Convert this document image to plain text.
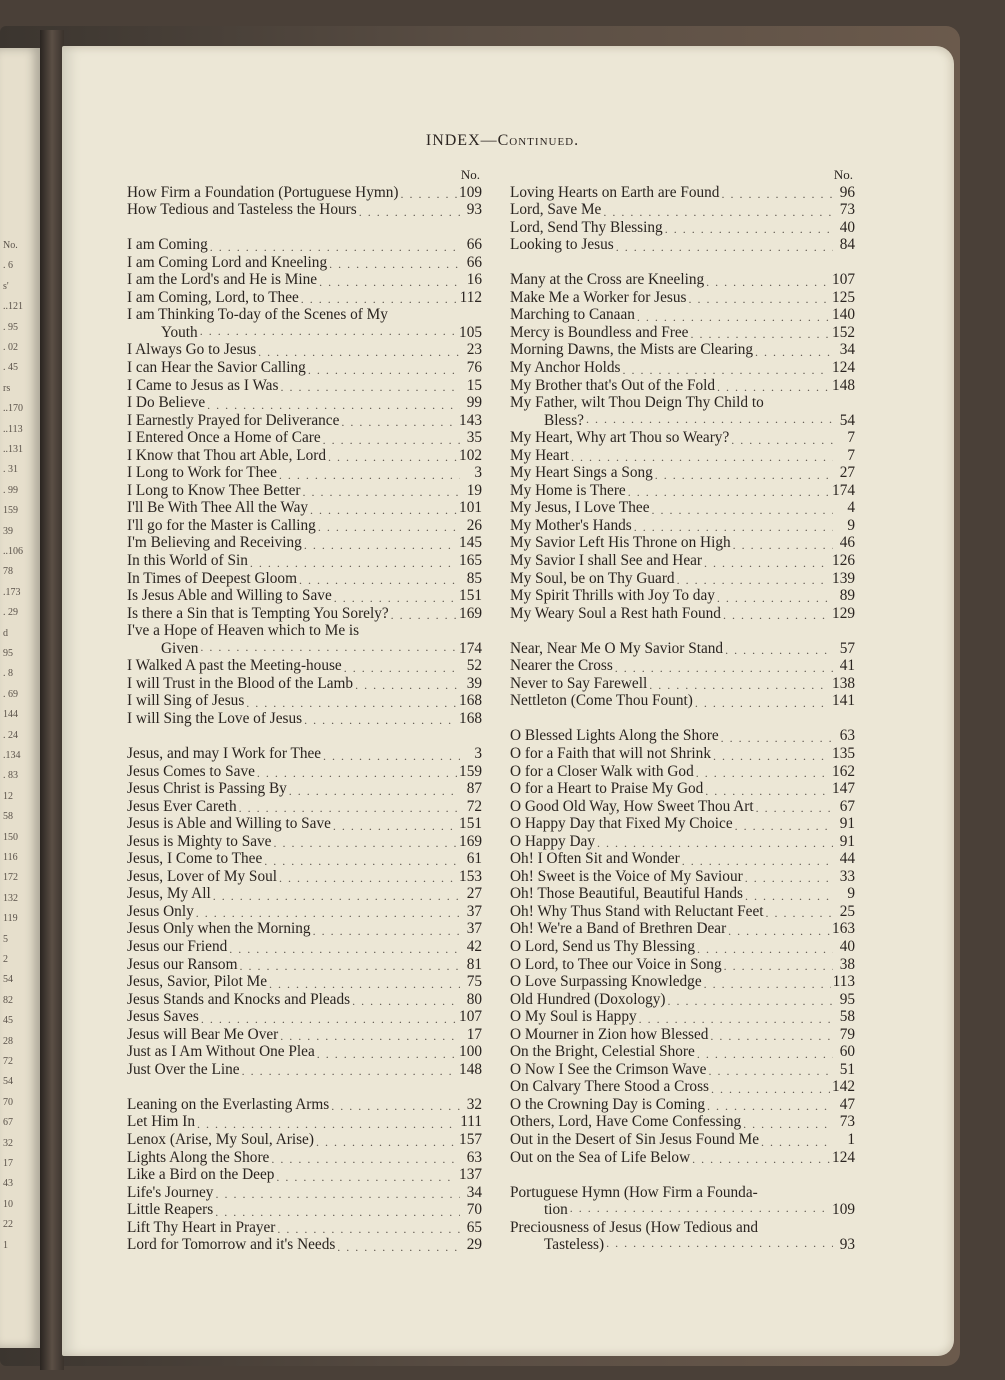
No.
. 6
s'
..121
. 95
. 02
. 45
rs
..170
..113
..131
. 31
. 99
159
39
..106
78
.173
. 29
d
95
. 8
. 69
144
. 24
.134
. 83
12
58
150
116
172
132
119
5
2
54
82
45
28
72
54
70
67
32
17
43
10
22
1
INDEX—Continued.
No.
How Firm a Foundation (Portuguese Hymn) . . .	109
How Tedious and Tasteless the Hours . . .	93
I am Coming . . .	66
I am Coming Lord and Kneeling . . .	66
I am the Lord's and He is Mine . . .	16
I am Coming, Lord, to Thee . . .	112
I am Thinking To-day of the Scenes of My
Youth . . .	105
I Always Go to Jesus . . .	23
I can Hear the Savior Calling . . .	76
I Came to Jesus as I Was . . .	15
I Do Believe . . .	99
I Earnestly Prayed for Deliverance . . .	143
I Entered Once a Home of Care . . .	35
I Know that Thou art Able, Lord . . .	102
I Long to Work for Thee . . .	3
I Long to Know Thee Better . . .	19
I'll Be With Thee All the Way . . .	101
I'll go for the Master is Calling . . .	26
I'm Believing and Receiving . . .	145
In this World of Sin . . .	165
In Times of Deepest Gloom . . .	85
Is Jesus Able and Willing to Save . . .	151
Is there a Sin that is Tempting You Sorely? . . .	169
I've a Hope of Heaven which to Me is
Given . . .	174
I Walked A past the Meeting-house . . .	52
I will Trust in the Blood of the Lamb . . .	39
I will Sing of Jesus . . .	168
I will Sing the Love of Jesus . . .	168
Jesus, and may I Work for Thee . . .	3
Jesus Comes to Save . . .	159
Jesus Christ is Passing By . . .	87
Jesus Ever Careth . . .	72
Jesus is Able and Willing to Save . . .	151
Jesus is Mighty to Save . . .	169
Jesus, I Come to Thee . . .	61
Jesus, Lover of My Soul . . .	153
Jesus, My All . . .	27
Jesus Only . . .	37
Jesus Only when the Morning . . .	37
Jesus our Friend . . .	42
Jesus our Ransom . . .	81
Jesus, Savior, Pilot Me . . .	75
Jesus Stands and Knocks and Pleads . . .	80
Jesus Saves . . .	107
Jesus will Bear Me Over . . .	17
Just as I Am Without One Plea . . .	100
Just Over the Line . . .	148
Leaning on the Everlasting Arms . . .	32
Let Him In . . .	111
Lenox (Arise, My Soul, Arise) . . .	157
Lights Along the Shore . . .	63
Like a Bird on the Deep . . .	137
Life's Journey . . .	34
Little Reapers . . .	70
Lift Thy Heart in Prayer . . .	65
Lord for Tomorrow and it's Needs . . .	29
No.
Loving Hearts on Earth are Found . . .	96
Lord, Save Me . . .	73
Lord, Send Thy Blessing . . .	40
Looking to Jesus . . .	84
Many at the Cross are Kneeling . . .	107
Make Me a Worker for Jesus . . .	125
Marching to Canaan . . .	140
Mercy is Boundless and Free . . .	152
Morning Dawns, the Mists are Clearing . . .	34
My Anchor Holds . . .	124
My Brother that's Out of the Fold . . .	148
My Father, wilt Thou Deign Thy Child to
Bless? . . .	54
My Heart, Why art Thou so Weary? . . .	7
My Heart . . .	7
My Heart Sings a Song . . .	27
My Home is There . . .	174
My Jesus, I Love Thee . . .	4
My Mother's Hands . . .	9
My Savior Left His Throne on High . . .	46
My Savior I shall See and Hear . . .	126
My Soul, be on Thy Guard . . .	139
My Spirit Thrills with Joy To day . . .	89
My Weary Soul a Rest hath Found . . .	129
Near, Near Me O My Savior Stand . . .	57
Nearer the Cross . . .	41
Never to Say Farewell . . .	138
Nettleton (Come Thou Fount) . . .	141
O Blessed Lights Along the Shore . . .	63
O for a Faith that will not Shrink . . .	135
O for a Closer Walk with God . . .	162
O for a Heart to Praise My God . . .	147
O Good Old Way, How Sweet Thou Art . . .	67
O Happy Day that Fixed My Choice . . .	91
O Happy Day . . .	91
Oh! I Often Sit and Wonder . . .	44
Oh! Sweet is the Voice of My Saviour . . .	33
Oh! Those Beautiful, Beautiful Hands . . .	9
Oh! Why Thus Stand with Reluctant Feet . . .	25
Oh! We're a Band of Brethren Dear . . .	163
O Lord, Send us Thy Blessing . . .	40
O Lord, to Thee our Voice in Song . . .	38
O Love Surpassing Knowledge . . .	113
Old Hundred (Doxology) . . .	95
O My Soul is Happy . . .	58
O Mourner in Zion how Blessed . . .	79
On the Bright, Celestial Shore . . .	60
O Now I See the Crimson Wave . . .	51
On Calvary There Stood a Cross . . .	142
O the Crowning Day is Coming . . .	47
Others, Lord, Have Come Confessing . . .	73
Out in the Desert of Sin Jesus Found Me . . .	1
Out on the Sea of Life Below . . .	124
Portuguese Hymn (How Firm a Founda-
tion . . .	109
Preciousness of Jesus (How Tedious and
Tasteless) . . .	93
